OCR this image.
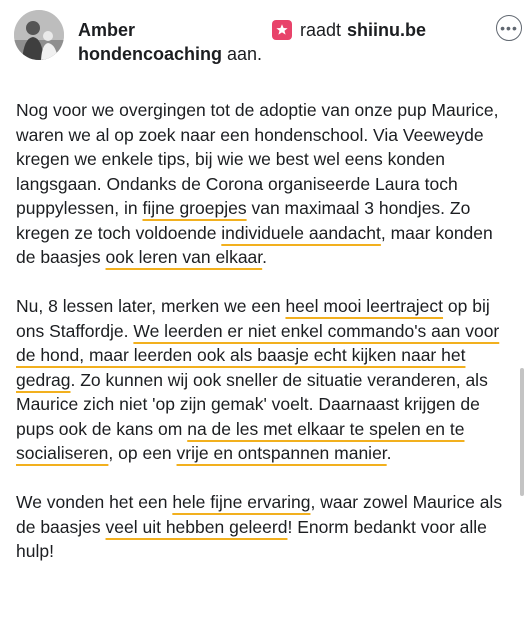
Amber hondencoaching aan.
raadt shiinu.be	•••

Nog voor we overgingen tot de adoptie van onze pup Maurice, waren we al op zoek naar een hondenschool. Via Veeweyde kregen we enkele tips, bij wie we best wel eens konden langsgaan. Ondanks de Corona organiseerde Laura toch puppylessen, in fijne groepjes van maximaal 3 hondjes. Zo kregen ze toch voldoende individuele aandacht, maar konden de baasjes ook leren van elkaar.

Nu, 8 lessen later, merken we een heel mooi leertraject op bij ons Staffordje. We leerden er niet enkel commando's aan voor de hond, maar leerden ook als baasje echt kijken naar het gedrag. Zo kunnen wij ook sneller de situatie veranderen, als Maurice zich niet 'op zijn gemak' voelt. Daarnaast krijgen de pups ook de kans om na de les met elkaar te spelen en te socialiseren, op een vrije en ontspannen manier.

We vonden het een hele fijne ervaring, waar zowel Maurice als de baasjes veel uit hebben geleerd! Enorm bedankt voor alle hulp!
